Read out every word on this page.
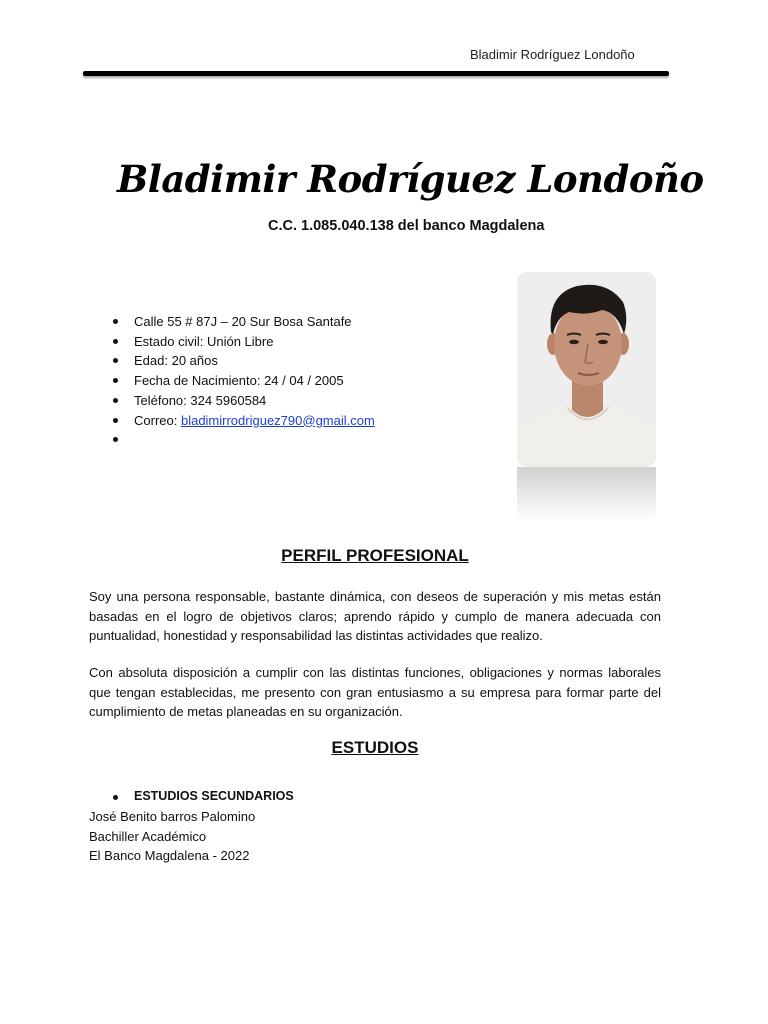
Bladimir Rodríguez Londoño
Bladimir Rodríguez Londoño
C.C. 1.085.040.138 del banco Magdalena
Calle 55 # 87J – 20 Sur Bosa Santafe
Estado civil: Unión Libre
Edad: 20 años
Fecha de Nacimiento: 24 / 04 / 2005
Teléfono: 324 5960584
Correo: bladimirrodriguez790@gmail.com

PERFIL PROFESIONAL

Soy una persona responsable, bastante dinámica, con deseos de superación y mis metas están basadas en el logro de objetivos claros; aprendo rápido y cumplo de manera adecuada con puntualidad, honestidad y responsabilidad las distintas actividades que realizo.

Con absoluta disposición a cumplir con las distintas funciones, obligaciones y normas laborales que tengan establecidas, me presento con gran entusiasmo a su empresa para formar parte del cumplimiento de metas planeadas en su organización.

ESTUDIOS
ESTUDIOS SECUNDARIOS
José Benito barros Palomino
Bachiller Académico
El Banco Magdalena - 2022
